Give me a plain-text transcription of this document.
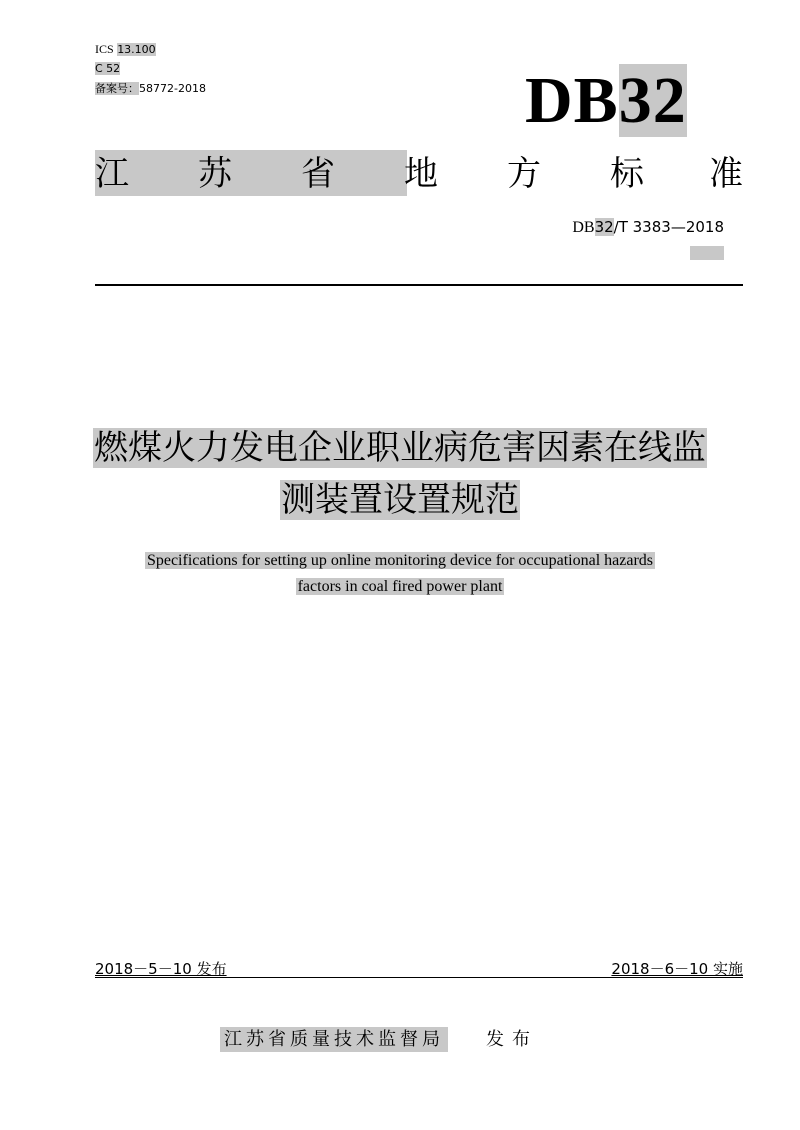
ICS 13.100
C 52
备案号：58772-2018	DB32
江 苏 省 地 方 标 准
DB32/T 3383—2018
燃煤火力发电企业职业病危害因素在线监
测装置设置规范
Specifications for setting up online monitoring device for occupational hazards
factors in coal fired power plant
2018－5－10 发布	2018－6－10 实施
江苏省质量技术监督局 发布
